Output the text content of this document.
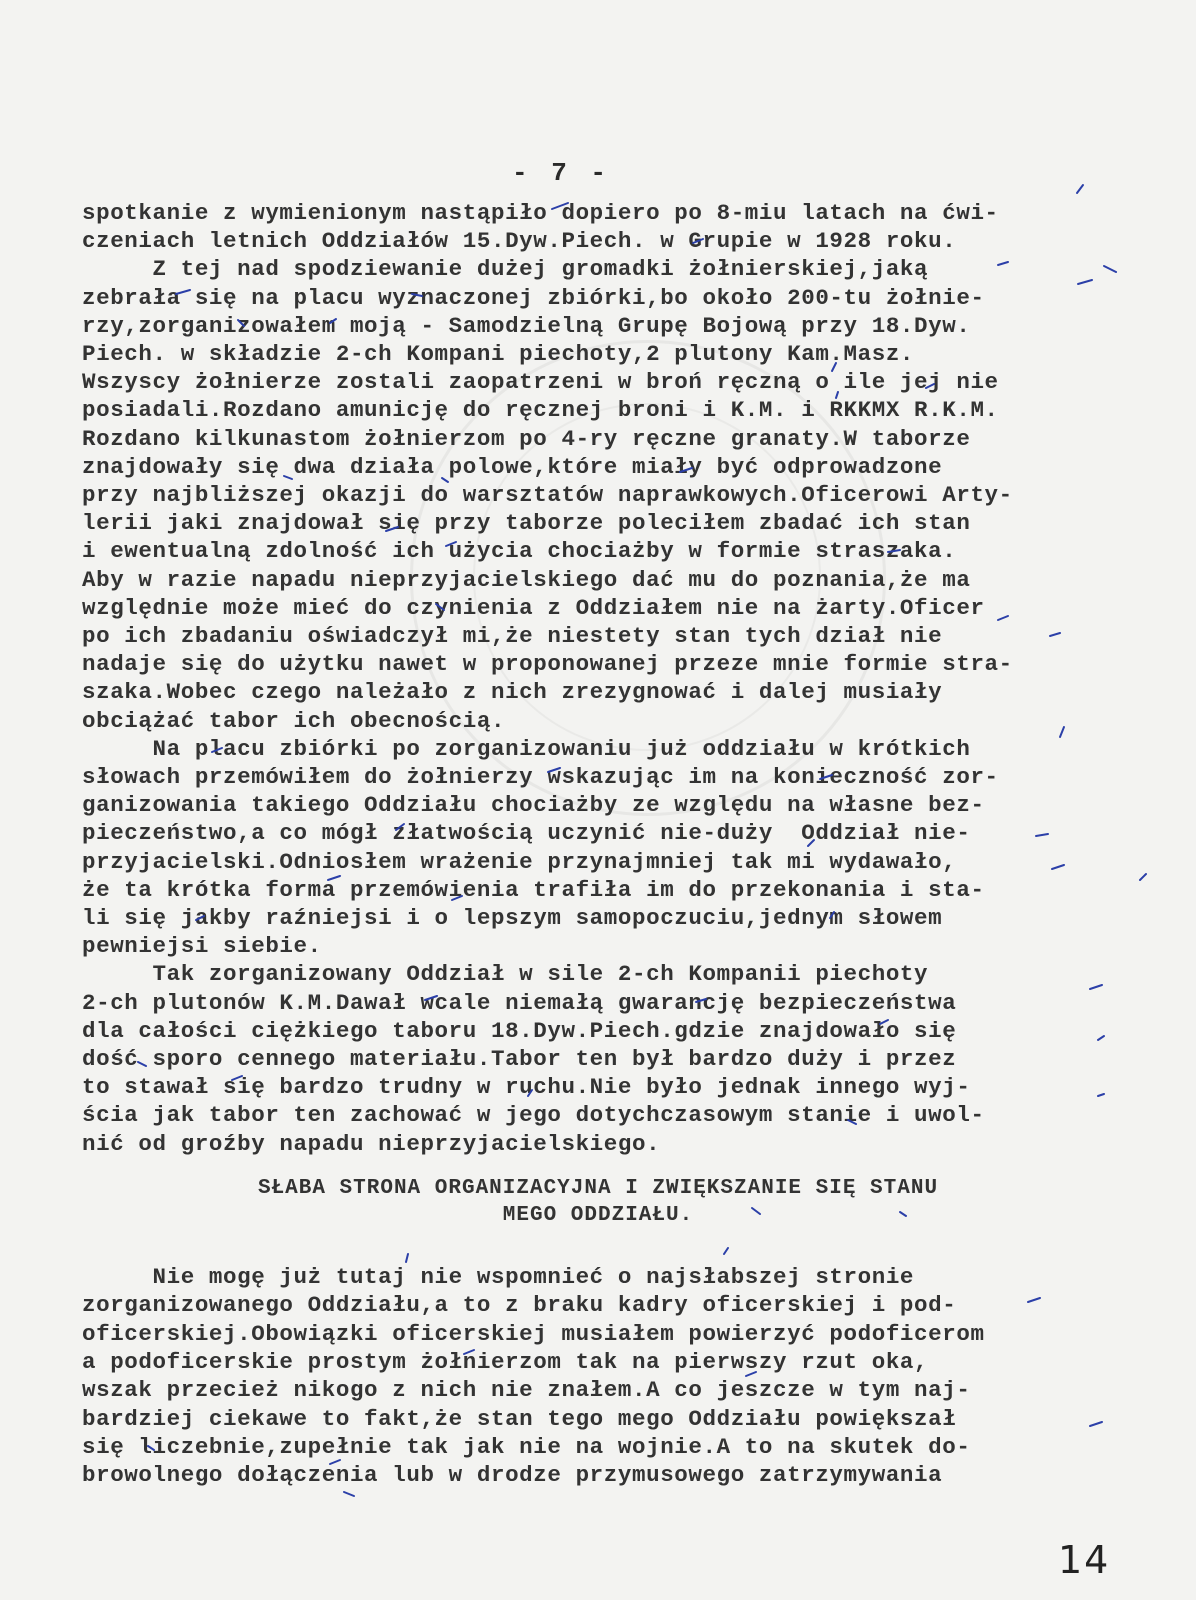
- 7 -
spotkanie z wymienionym nastąpiło dopiero po 8-miu latach na ćwi-
czeniach letnich Oddziałów 15.Dyw.Piech. w Grupie w 1928 roku.
Z tej nad spodziewanie dużej gromadki żołnierskiej,jaką
zebrała się na placu wyznaczonej zbiórki,bo około 200-tu żołnie-
rzy,zorganizowałem moją - Samodzielną Grupę Bojową przy 18.Dyw.
Piech. w składzie 2-ch Kompani piechoty,2 plutony Kam.Masz.
Wszyscy żołnierze zostali zaopatrzeni w broń ręczną o ile jej nie
posiadali.Rozdano amunicję do ręcznej broni i K.M. i RKKMX R.K.M.
Rozdano kilkunastom żołnierzom po 4-ry ręczne granaty.W taborze
znajdowały się dwa działa polowe,które miały być odprowadzone
przy najbliższej okazji do warsztatów naprawkowych.Oficerowi Arty-
lerii jaki znajdował się przy taborze poleciłem zbadać ich stan
i ewentualną zdolność ich użycia chociażby w formie straszaka.
Aby w razie napadu nieprzyjacielskiego dać mu do poznania,że ma
względnie może mieć do czynienia z Oddziałem nie na żarty.Oficer
po ich zbadaniu oświadczył mi,że niestety stan tych dział nie
nadaje się do użytku nawet w proponowanej przeze mnie formie stra-
szaka.Wobec czego należało z nich zrezygnować i dalej musiały
obciążać tabor ich obecnością.
Na placu zbiórki po zorganizowaniu już oddziału w krótkich
słowach przemówiłem do żołnierzy wskazując im na konieczność zor-
ganizowania takiego Oddziału chociażby ze względu na własne bez-
pieczeństwo,a co mógł złatwością uczynić nie-duży  Oddział nie-
przyjacielski.Odniosłem wrażenie przynajmniej tak mi wydawało,
że ta krótka forma przemówienia trafiła im do przekonania i sta-
li się jakby raźniejsi i o lepszym samopoczuciu,jednym słowem
pewniejsi siebie.
Tak zorganizowany Oddział w sile 2-ch Kompanii piechoty
2-ch plutonów K.M.Dawał wcale niemałą gwarancję bezpieczeństwa
dla całości ciężkiego taboru 18.Dyw.Piech.gdzie znajdowało się
dość sporo cennego materiału.Tabor ten był bardzo duży i przez
to stawał się bardzo trudny w ruchu.Nie było jednak innego wyj-
ścia jak tabor ten zachować w jego dotychczasowym stanie i uwol-
nić od groźby napadu nieprzyjacielskiego.
SŁABA STRONA ORGANIZACYJNA I ZWIĘKSZANIE SIĘ STANU
MEGO ODDZIAŁU.
Nie mogę już tutaj nie wspomnieć o najsłabszej stronie
zorganizowanego Oddziału,a to z braku kadry oficerskiej i pod-
oficerskiej.Obowiązki oficerskiej musiałem powierzyć podoficerom
a podoficerskie prostym żołnierzom tak na pierwszy rzut oka,
wszak przecież nikogo z nich nie znałem.A co jeszcze w tym naj-
bardziej ciekawe to fakt,że stan tego mego Oddziału powiększał
się liczebnie,zupełnie tak jak nie na wojnie.A to na skutek do-
browolnego dołączenia lub w drodze przymusowego zatrzymywania
14
